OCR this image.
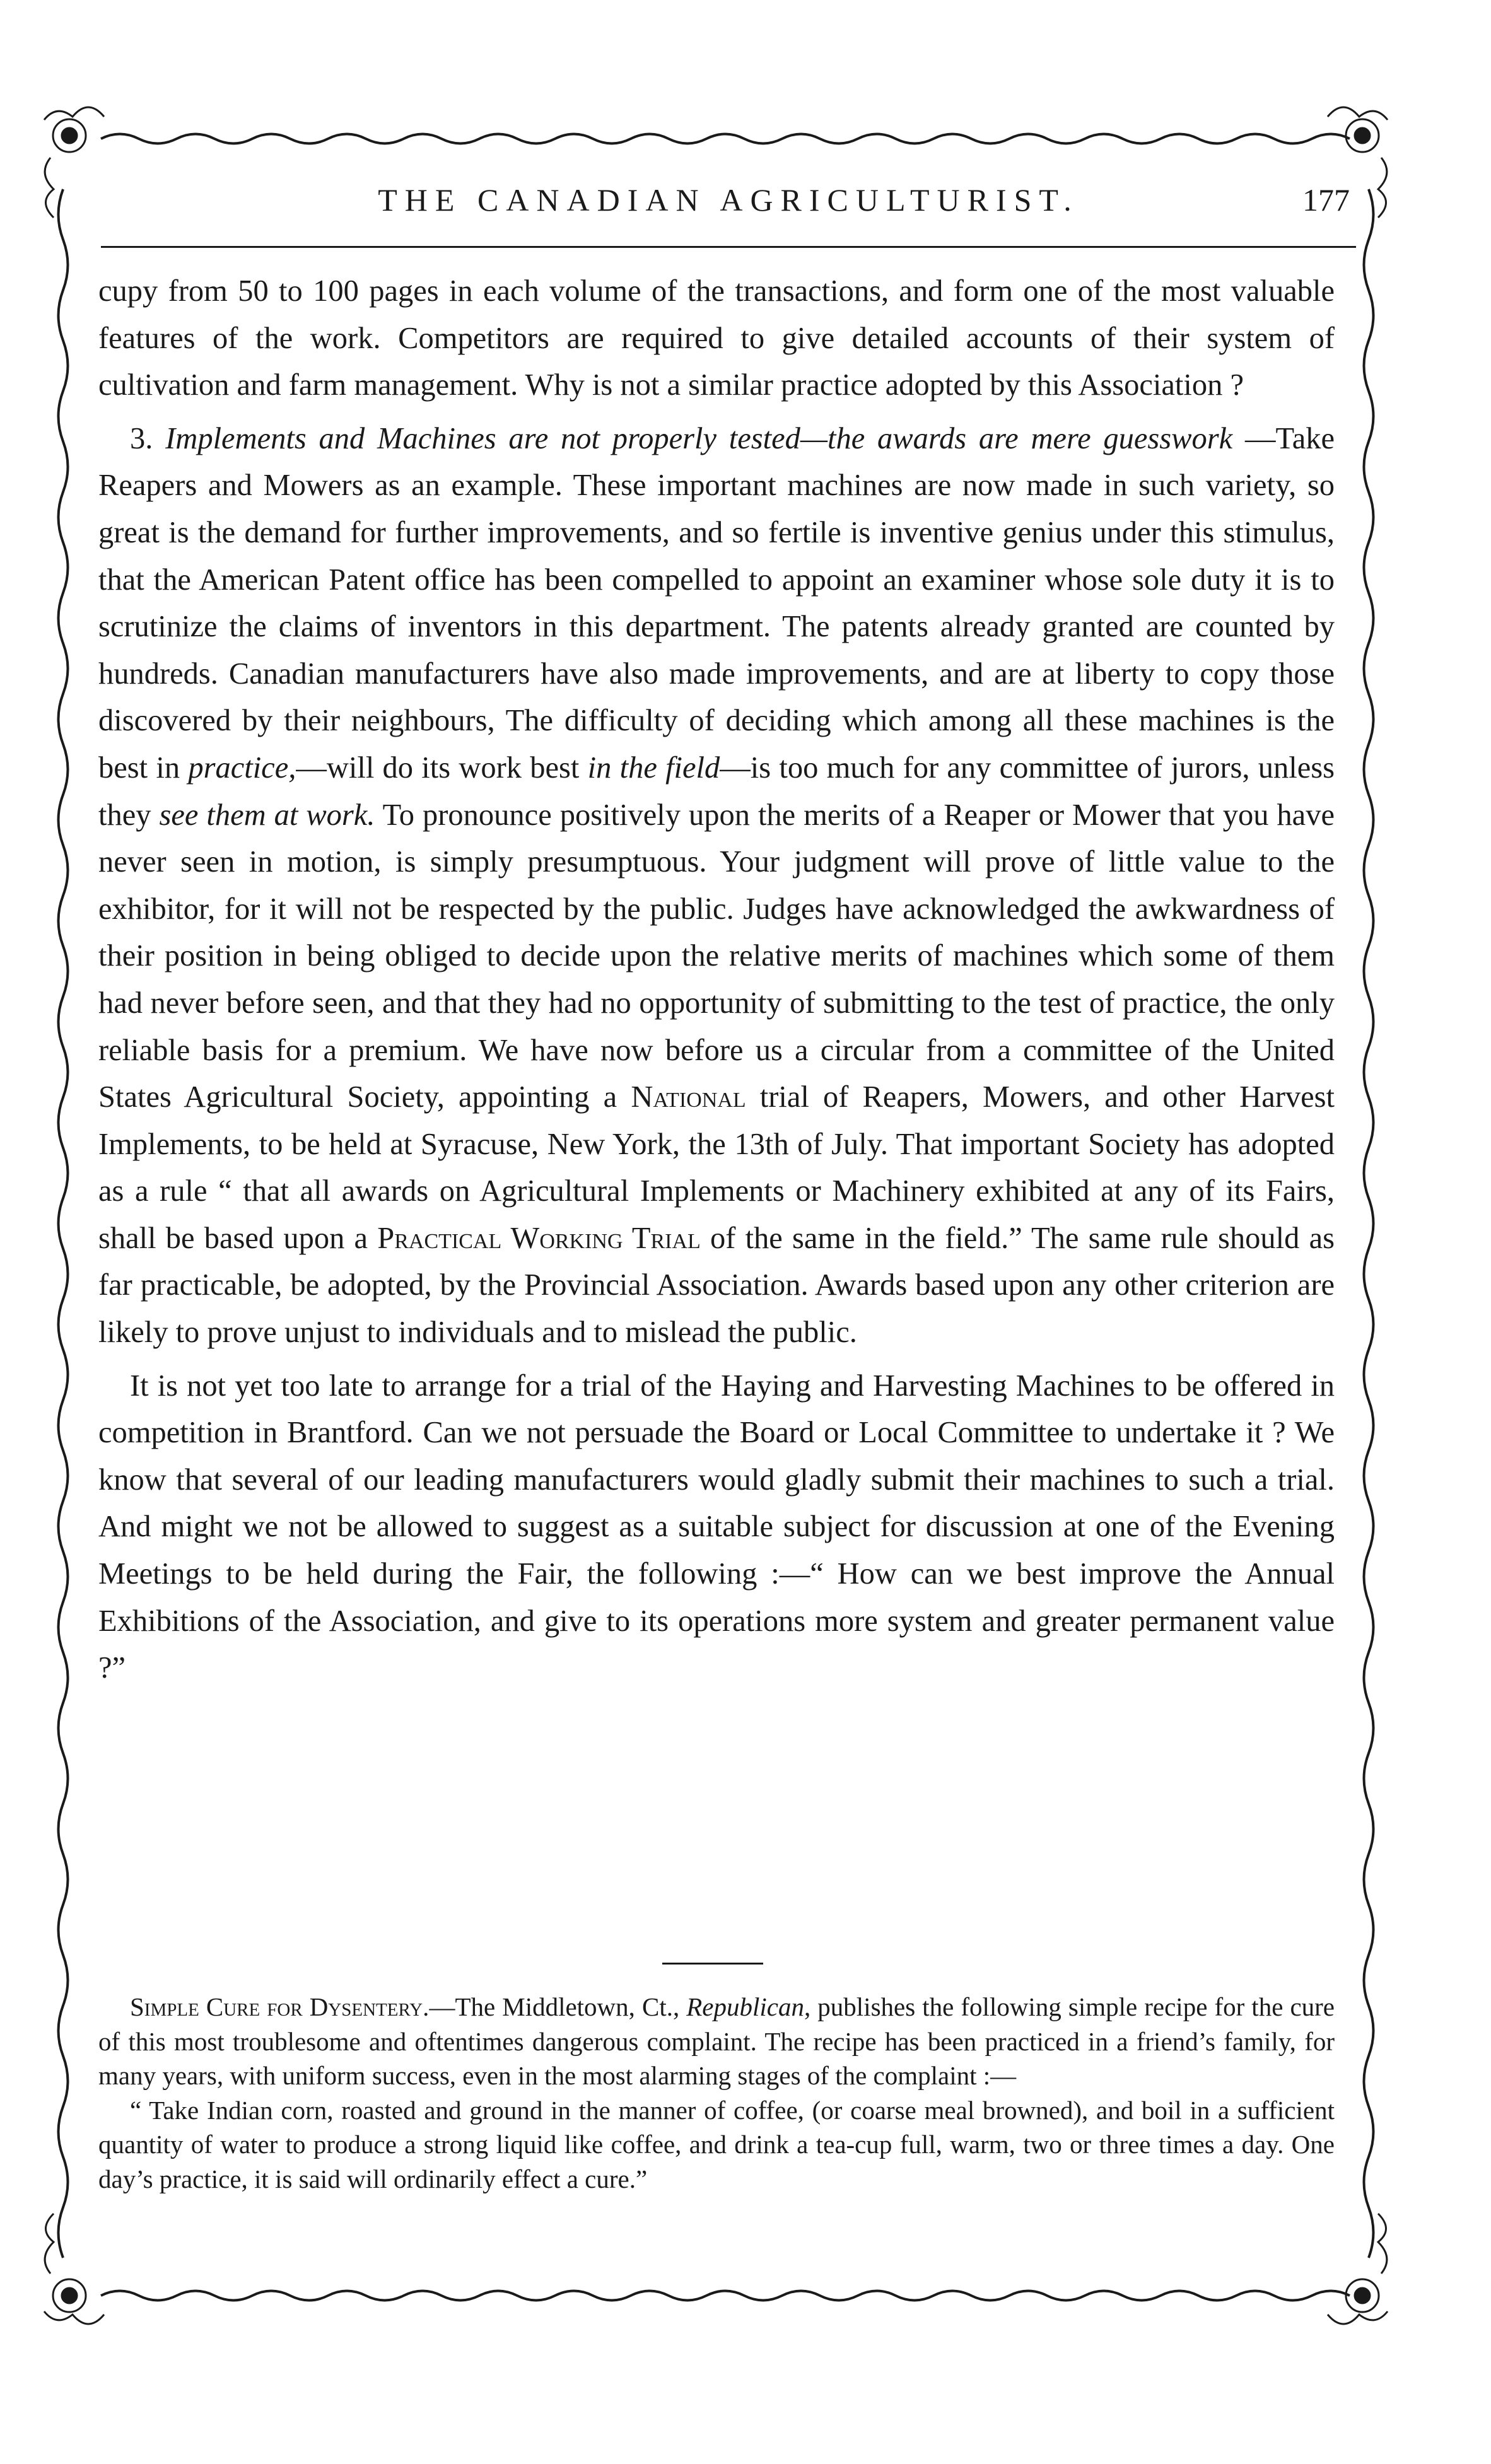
THE CANADIAN AGRICULTURIST.	177

cupy from 50 to 100 pages in each volume of the transactions, and form one of the most valuable features of the work. Competitors are required to give detailed accounts of their system of cultivation and farm management. Why is not a similar practice adopted by this Association ?

3. Implements and Machines are not properly tested—the awards are mere guesswork —Take Reapers and Mowers as an example. These important machines are now made in such variety, so great is the demand for further improvements, and so fertile is inventive genius under this stimulus, that the American Patent office has been compelled to appoint an examiner whose sole duty it is to scrutinize the claims of inventors in this department. The patents already granted are counted by hundreds. Canadian manufacturers have also made improvements, and are at liberty to copy those discovered by their neighbours, The difficulty of deciding which among all these machines is the best in practice,—will do its work best in the field—is too much for any committee of jurors, unless they see them at work. To pronounce positively upon the merits of a Reaper or Mower that you have never seen in motion, is simply presumptuous. Your judgment will prove of little value to the exhibitor, for it will not be respected by the public. Judges have acknowledged the awkwardness of their position in being obliged to decide upon the relative merits of machines which some of them had never before seen, and that they had no opportunity of submitting to the test of practice, the only reliable basis for a premium. We have now before us a circular from a committee of the United States Agricultural Society, appointing a National trial of Reapers, Mowers, and other Harvest Implements, to be held at Syracuse, New York, the 13th of July. That important Society has adopted as a rule “ that all awards on Agricultural Implements or Machinery exhibited at any of its Fairs, shall be based upon a Practical Working Trial of the same in the field.” The same rule should as far practicable, be adopted, by the Provincial Association. Awards based upon any other criterion are likely to prove unjust to individuals and to mislead the public.

It is not yet too late to arrange for a trial of the Haying and Harvesting Machines to be offered in competition in Brantford. Can we not persuade the Board or Local Committee to undertake it ? We know that several of our leading manufacturers would gladly submit their machines to such a trial. And might we not be allowed to suggest as a suitable subject for discussion at one of the Evening Meetings to be held during the Fair, the following :—“ How can we best improve the Annual Exhibitions of the Association, and give to its operations more system and greater permanent value ?”

Simple Cure for Dysentery.—The Middletown, Ct., Republican, publishes the following simple recipe for the cure of this most troublesome and oftentimes dangerous complaint. The recipe has been practiced in a friend’s family, for many years, with uniform success, even in the most alarming stages of the complaint :—

“ Take Indian corn, roasted and ground in the manner of coffee, (or coarse meal browned), and boil in a sufficient quantity of water to produce a strong liquid like coffee, and drink a tea-cup full, warm, two or three times a day. One day’s practice, it is said will ordinarily effect a cure.”
